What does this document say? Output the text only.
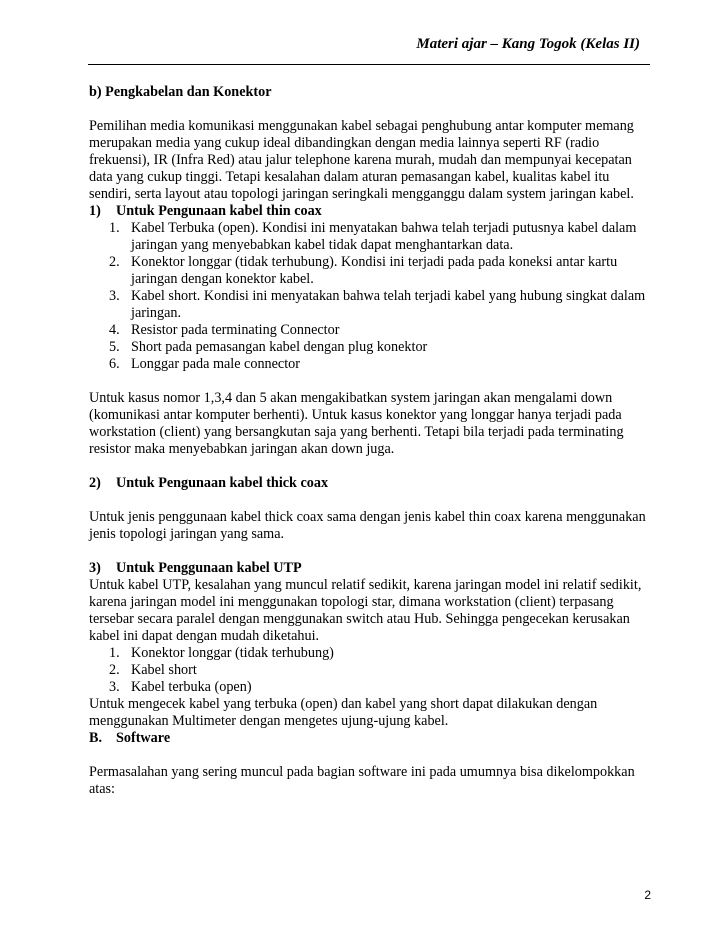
Materi ajar – Kang Togok (Kelas II)

b) Pengkabelan dan Konektor

Pemilihan media komunikasi menggunakan kabel sebagai penghubung antar komputer memang merupakan media yang cukup ideal dibandingkan dengan media lainnya seperti RF (radio frekuensi), IR (Infra Red) atau jalur telephone karena murah, mudah dan mempunyai kecepatan data yang cukup tinggi. Tetapi kesalahan dalam aturan pemasangan kabel, kualitas kabel itu sendiri, serta layout atau topologi jaringan seringkali mengganggu dalam system jaringan kabel.

1) Untuk Pengunaan kabel thin coax

1. Kabel Terbuka (open). Kondisi ini menyatakan bahwa telah terjadi putusnya kabel dalam jaringan yang menyebabkan kabel tidak dapat menghantarkan data.
2. Konektor longgar (tidak terhubung). Kondisi ini terjadi pada pada koneksi antar kartu jaringan dengan konektor kabel.
3. Kabel short. Kondisi ini menyatakan bahwa telah terjadi kabel yang hubung singkat dalam jaringan.
4. Resistor pada terminating Connector
5. Short pada pemasangan kabel dengan plug konektor
6. Longgar pada male connector

Untuk kasus nomor 1,3,4 dan 5 akan mengakibatkan system jaringan akan mengalami down (komunikasi antar komputer berhenti). Untuk kasus konektor yang longgar hanya terjadi pada workstation (client) yang bersangkutan saja yang berhenti. Tetapi bila terjadi pada terminating resistor maka menyebabkan jaringan akan down juga.

2) Untuk Pengunaan kabel thick coax

Untuk jenis penggunaan kabel thick coax sama dengan jenis kabel thin coax karena menggunakan jenis topologi jaringan yang sama.

3) Untuk Penggunaan kabel UTP

Untuk kabel UTP, kesalahan yang muncul relatif sedikit, karena jaringan model ini relatif sedikit, karena jaringan model ini menggunakan topologi star, dimana workstation (client) terpasang tersebar secara paralel dengan menggunakan switch atau Hub. Sehingga pengecekan kerusakan kabel ini dapat dengan mudah diketahui.

1. Konektor longgar (tidak terhubung)
2. Kabel short
3. Kabel terbuka (open)

Untuk mengecek kabel yang terbuka (open) dan kabel yang short dapat dilakukan dengan menggunakan Multimeter dengan mengetes ujung-ujung kabel.

B. Software

Permasalahan yang sering muncul pada bagian software ini pada umumnya bisa dikelompokkan atas:

2
